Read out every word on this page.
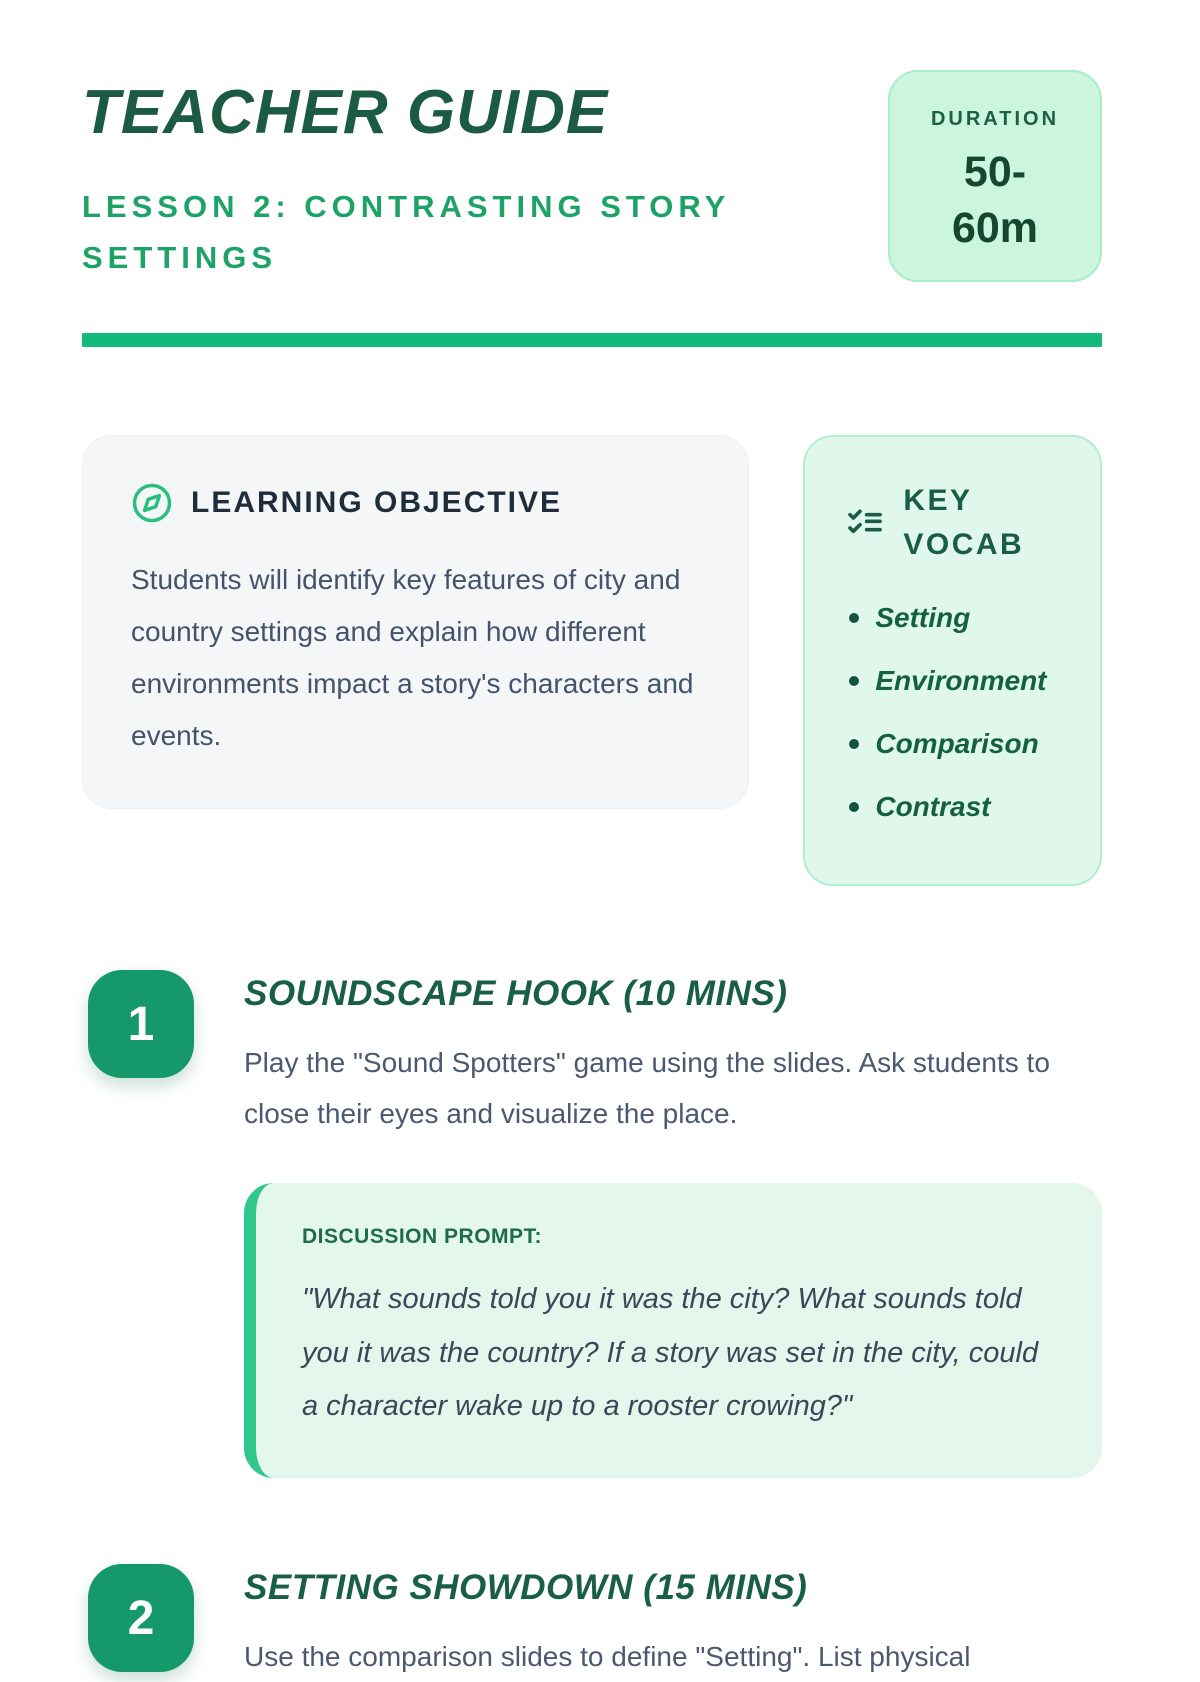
TEACHER GUIDE
LESSON 2: CONTRASTING STORY SETTINGS
DURATION
50-60m
LEARNING OBJECTIVE
Students will identify key features of city and country settings and explain how different environments impact a story's characters and events.
KEY VOCAB
Setting
Environment
Comparison
Contrast
1
SOUNDSCAPE HOOK (10 MINS)
Play the "Sound Spotters" game using the slides. Ask students to close their eyes and visualize the place.
DISCUSSION PROMPT:
"What sounds told you it was the city? What sounds told you it was the country? If a story was set in the city, could a character wake up to a rooster crowing?"
2
SETTING SHOWDOWN (15 MINS)
Use the comparison slides to define "Setting". List physical
